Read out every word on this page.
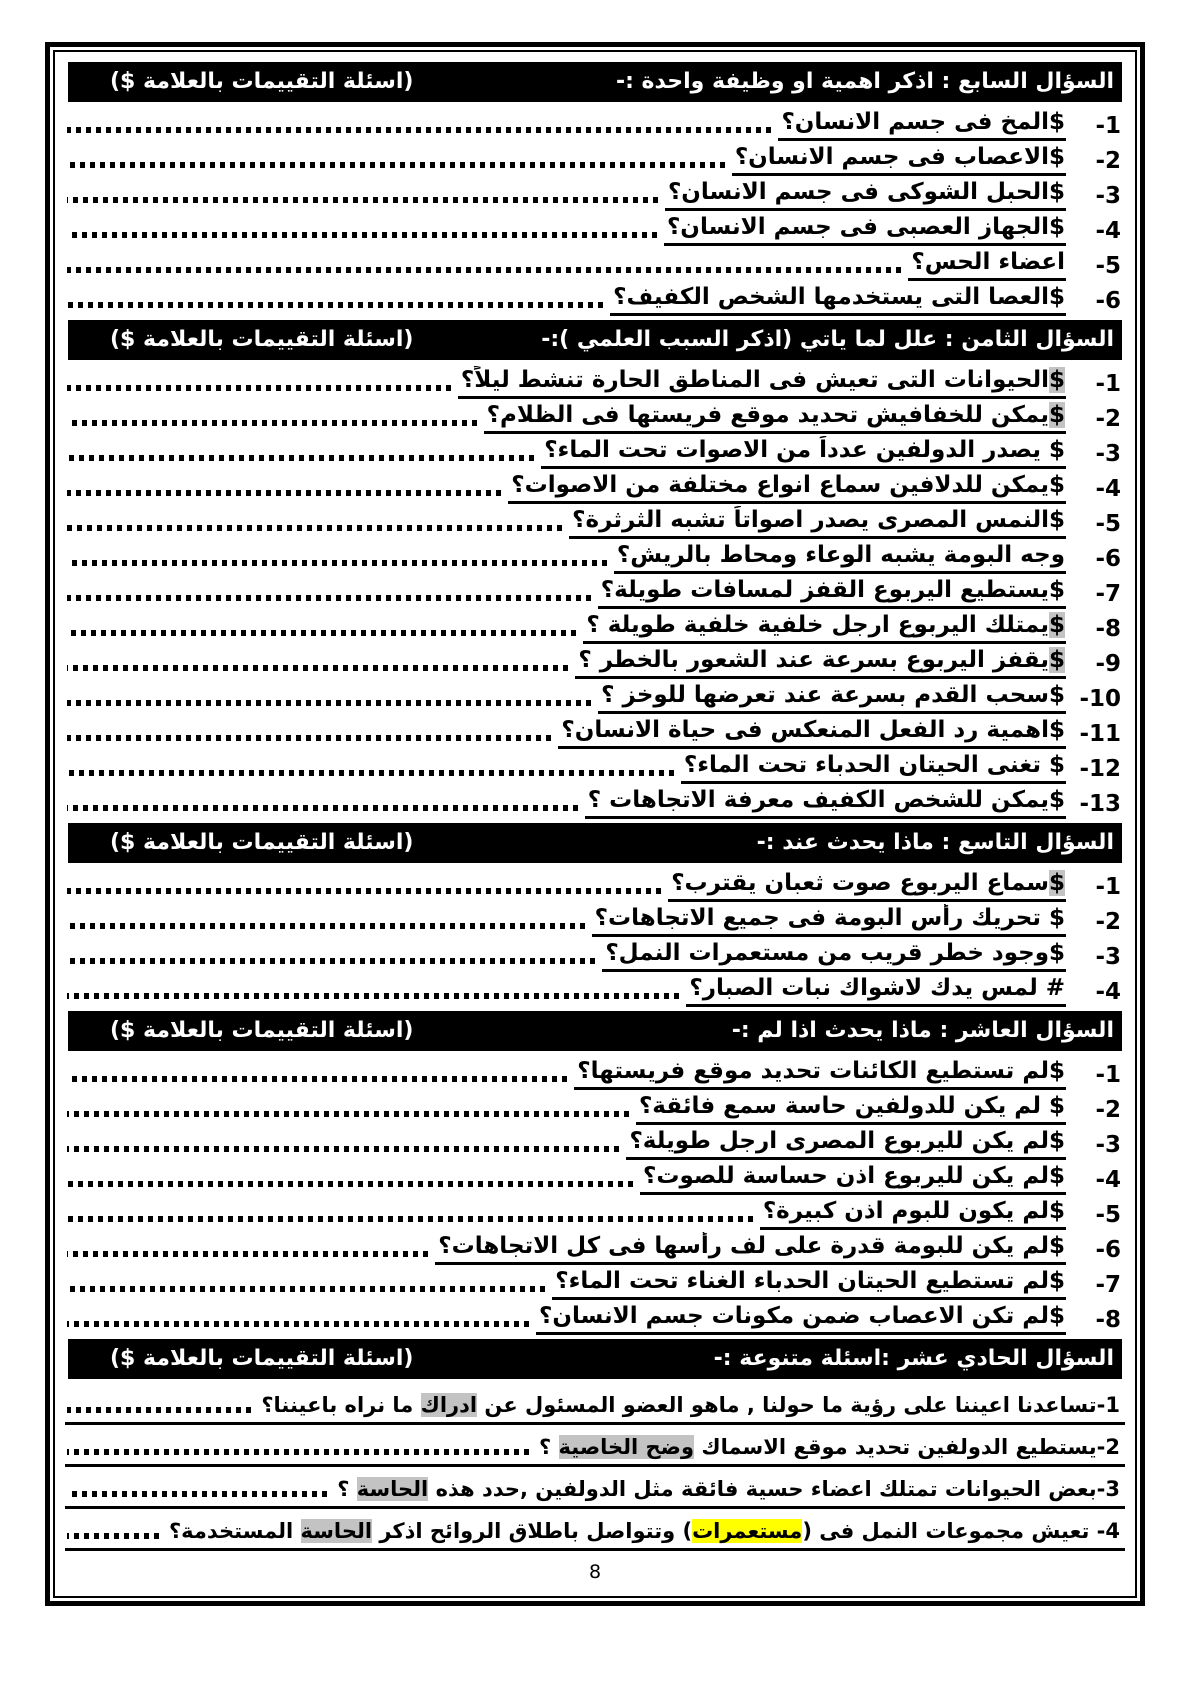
السؤال السابع : اذكر اهمية او وظيفة واحدة :-
(اسئلة التقييمات بالعلامة $)
1-
$المخ فى جسم الانسان؟
2-
$الاعصاب فى جسم الانسان؟
3-
$الحبل الشوكى فى جسم الانسان؟
4-
$الجهاز العصبى فى جسم الانسان؟
5-
اعضاء الحس؟
6-
$العصا التى يستخدمها الشخص الكفيف؟
السؤال الثامن : علل لما ياتي (اذكر السبب العلمي ):-
(اسئلة التقييمات بالعلامة $)
1-
$الحيوانات التى تعيش فى المناطق الحارة تنشط ليلاً؟
2-
$يمكن للخفافيش تحديد موقع فريستها فى الظلام؟
3-
$ يصدر الدولفين عدداً من الاصوات تحت الماء؟
4-
$يمكن للدلافين سماع انواع مختلفة من الاصوات؟
5-
$النمس المصرى يصدر اصواتاً تشبه الثرثرة؟
6-
وجه البومة يشبه الوعاء ومحاط بالريش؟
7-
$يستطيع اليربوع القفز لمسافات طويلة؟
8-
$يمتلك اليربوع ارجل خلفية خلفية طويلة ؟
9-
$يقفز اليربوع بسرعة عند الشعور بالخطر ؟
10-
$سحب القدم بسرعة عند تعرضها للوخز ؟
11-
$اهمية رد الفعل المنعكس فى حياة الانسان؟
12-
$ تغنى الحيتان الحدباء تحت الماء؟
13-
$يمكن للشخص الكفيف معرفة الاتجاهات ؟
السؤال التاسع : ماذا يحدث عند :-
(اسئلة التقييمات بالعلامة $)
1-
$سماع اليربوع صوت ثعبان يقترب؟
2-
$ تحريك رأس البومة فى جميع الاتجاهات؟
3-
$وجود خطر قريب من مستعمرات النمل؟
4-
# لمس يدك لاشواك نبات الصبار؟
السؤال العاشر : ماذا يحدث اذا لم :-
(اسئلة التقييمات بالعلامة $)
1-
$لم تستطيع الكائنات تحديد موقع فريستها؟
2-
$ لم يكن للدولفين حاسة سمع فائقة؟
3-
$لم يكن لليربوع المصرى ارجل طويلة؟
4-
$لم يكن لليربوع اذن حساسة للصوت؟
5-
$لم يكون للبوم اذن كبيرة؟
6-
$لم يكن للبومة قدرة على لف رأسها فى كل الاتجاهات؟
7-
$لم تستطيع الحيتان الحدباء الغناء تحت الماء؟
8-
$لم تكن الاعصاب ضمن مكونات جسم الانسان؟
السؤال الحادي عشر :اسئلة متنوعة :-
(اسئلة التقييمات بالعلامة $)
1-تساعدنا اعيننا على رؤية ما حولنا , ماهو العضو المسئول عن ادراك ما نراه باعيننا؟
2-يستطيع الدولفين تحديد موقع الاسماك وضح الخاصية ؟
3-بعض الحيوانات تمتلك اعضاء حسية فائقة مثل الدولفين ,حدد هذه الحاسة ؟
4- تعيش مجموعات النمل فى (مستعمرات) وتتواصل باطلاق الروائح اذكر الحاسة المستخدمة؟
8
